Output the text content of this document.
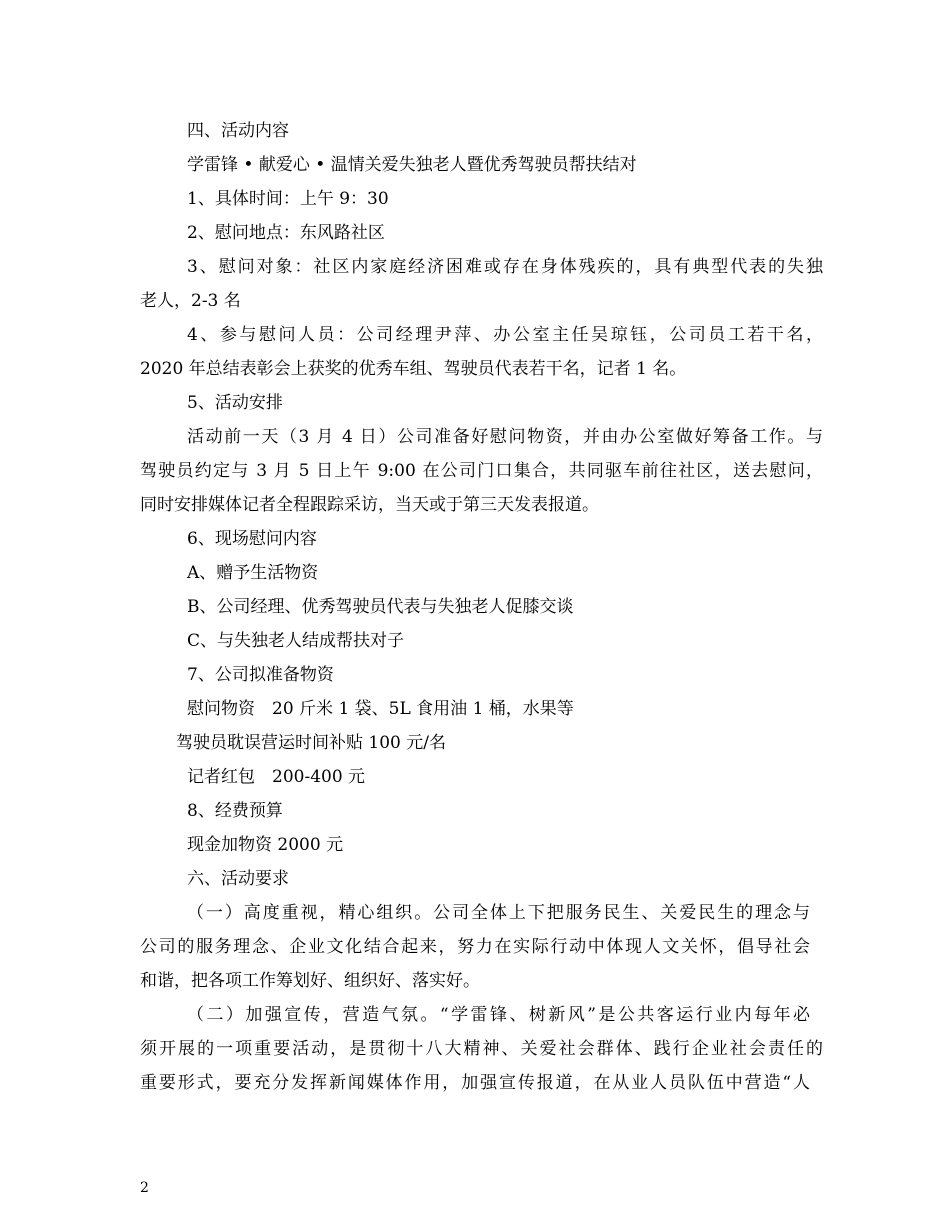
四、活动内容
学雷锋 • 献爱心 • 温情关爱失独老人暨优秀驾驶员帮扶结对
1、具体时间：上午 9：30
2、慰问地点：东风路社区
3、慰问对象：社区内家庭经济困难或存在身体残疾的，具有典型代表的失独
老人，2-3 名
4、参与慰问人员：公司经理尹萍、办公室主任吴琼钰，公司员工若干名，
2020 年总结表彰会上获奖的优秀车组、驾驶员代表若干名，记者 1 名。
5、活动安排
活动前一天（3 月 4 日）公司准备好慰问物资，并由办公室做好筹备工作。与
驾驶员约定与 3 月 5 日上午 9:00 在公司门口集合，共同驱车前往社区，送去慰问，
同时安排媒体记者全程跟踪采访，当天或于第三天发表报道。
6、现场慰问内容
A、赠予生活物资
B、公司经理、优秀驾驶员代表与失独老人促膝交谈
C、与失独老人结成帮扶对子
7、公司拟准备物资
慰问物资　20 斤米 1 袋、5L 食用油 1 桶，水果等
驾驶员耽误营运时间补贴 100 元/名
记者红包　200-400 元
8、经费预算
现金加物资 2000 元
六、活动要求
（一）高度重视，精心组织。公司全体上下把服务民生、关爱民生的理念与
公司的服务理念、企业文化结合起来，努力在实际行动中体现人文关怀，倡导社会
和谐，把各项工作筹划好、组织好、落实好。
（二）加强宣传，营造气氛。“学雷锋、树新风”是公共客运行业内每年必
须开展的一项重要活动，是贯彻十八大精神、关爱社会群体、践行企业社会责任的
重要形式，要充分发挥新闻媒体作用，加强宣传报道，在从业人员队伍中营造“人
2
